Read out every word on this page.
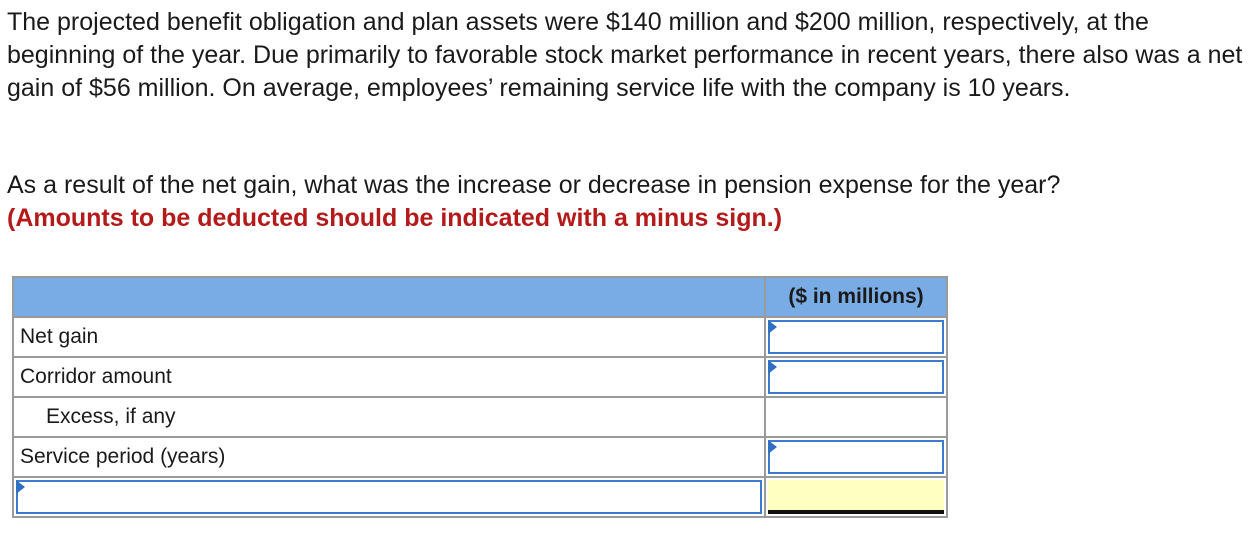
The projected benefit obligation and plan assets were $140 million and $200 million, respectively, at the beginning of the year. Due primarily to favorable stock market performance in recent years, there also was a net gain of $56 million. On average, employees’ remaining service life with the company is 10 years.

As a result of the net gain, what was the increase or decrease in pension expense for the year?
(Amounts to be deducted should be indicated with a minus sign.)

	($ in millions)
Net gain	

Corridor amount	

Excess, if any	
Service period (years)	
